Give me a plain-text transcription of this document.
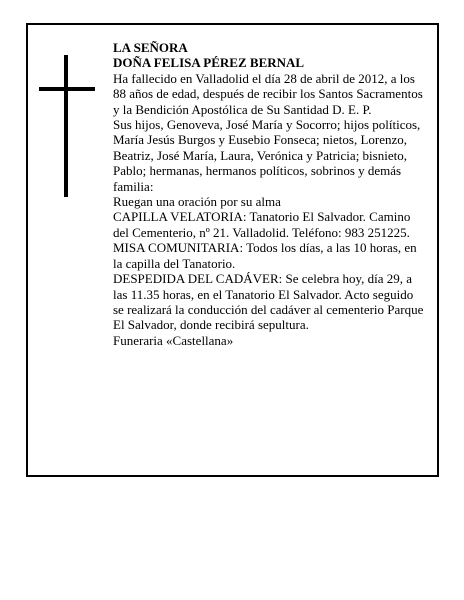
LA SEÑORA

DOÑA FELISA PÉREZ BERNAL

Ha fallecido en Valladolid el día 28 de abril de 2012, a los 88 años de edad, después de recibir los Santos Sacramentos y la Bendición Apostólica de Su Santidad D. E. P.

Sus hijos, Genoveva, José María y Socorro; hijos políticos, María Jesús Burgos y Eusebio Fonseca; nietos, Lorenzo, Beatriz, José María, Laura, Verónica y Patricia; bisnieto, Pablo; hermanas, hermanos políticos, sobrinos y demás familia:

Ruegan una oración por su alma

CAPILLA VELATORIA: Tanatorio El Salvador. Camino del Cementerio, nº 21. Valladolid. Teléfono: 983 251225.

MISA COMUNITARIA: Todos los días, a las 10 horas, en la capilla del Tanatorio.

DESPEDIDA DEL CADÁVER: Se celebra hoy, día 29, a las 11.35 horas, en el Tanatorio El Salvador. Acto seguido se realizará la conducción del cadáver al cementerio Parque El Salvador, donde recibirá sepultura.

Funeraria «Castellana»
